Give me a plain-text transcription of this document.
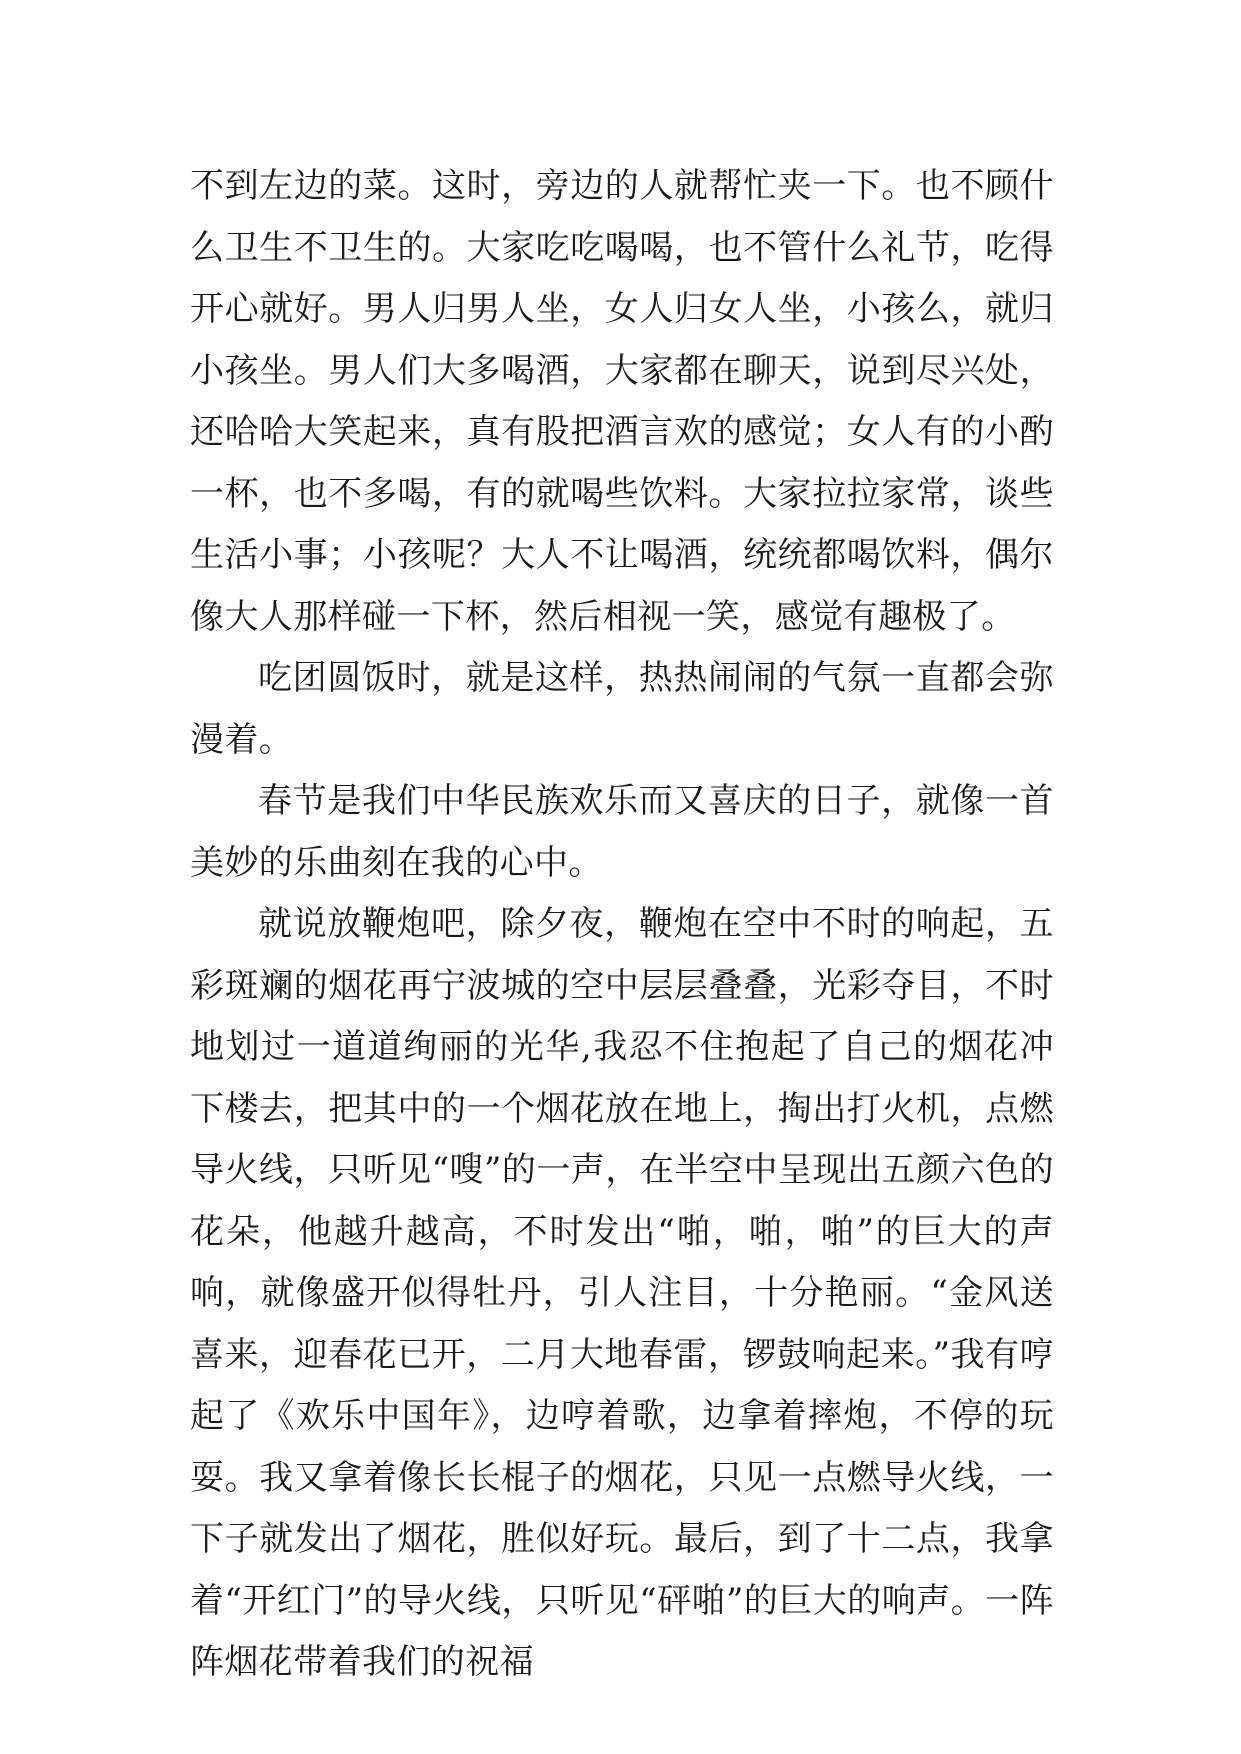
不到左边的菜。这时，旁边的人就帮忙夹一下。也不顾什么卫生不卫生的。大家吃吃喝喝，也不管什么礼节，吃得开心就好。男人归男人坐，女人归女人坐，小孩么，就归小孩坐。男人们大多喝酒，大家都在聊天，说到尽兴处，还哈哈大笑起来，真有股把酒言欢的感觉；女人有的小酌一杯，也不多喝，有的就喝些饮料。大家拉拉家常，谈些生活小事；小孩呢？大人不让喝酒，统统都喝饮料，偶尔像大人那样碰一下杯，然后相视一笑，感觉有趣极了。

吃团圆饭时，就是这样，热热闹闹的气氛一直都会弥漫着。

春节是我们中华民族欢乐而又喜庆的日子，就像一首美妙的乐曲刻在我的心中。

就说放鞭炮吧，除夕夜，鞭炮在空中不时的响起，五彩斑斓的烟花再宁波城的空中层层叠叠，光彩夺目，不时地划过一道道绚丽的光华,我忍不住抱起了自己的烟花冲下楼去，把其中的一个烟花放在地上，掏出打火机，点燃导火线，只听见“嗖”的一声，在半空中呈现出五颜六色的花朵，他越升越高，不时发出“啪，啪，啪”的巨大的声响，就像盛开似得牡丹，引人注目，十分艳丽。“金风送喜来，迎春花已开，二月大地春雷，锣鼓响起来。”我有哼起了《欢乐中国年》，边哼着歌，边拿着摔炮，不停的玩耍。我又拿着像长长棍子的烟花，只见一点燃导火线，一下子就发出了烟花，胜似好玩。最后，到了十二点，我拿着“开红门”的导火线，只听见“砰啪”的巨大的响声。一阵阵烟花带着我们的祝福
